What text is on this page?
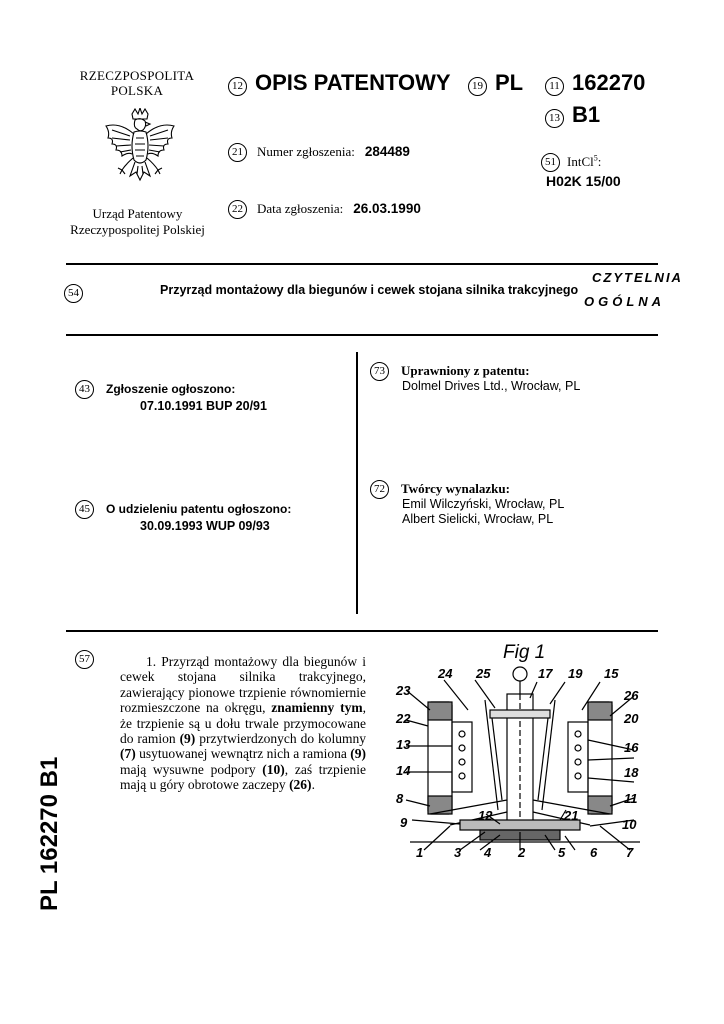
RZECZPOSPOLITA
POLSKA
Urząd Patentowy
Rzeczypospolitej Polskiej
12 OPIS PATENTOWY	19 PL	11 162270
13 B1
21 Numer zgłoszenia: 284489
51 IntCl$^5$:
H02K 15/00
22 Data zgłoszenia: 26.03.1990
54	Przyrząd montażowy dla biegunów i cewek stojana silnika trakcyjnego
CZYTELNIA
OGÓLNA
43 Zgłoszenie ogłoszono:
07.10.1991 BUP 20/91
45 O udzieleniu patentu ogłoszono:
30.09.1993 WUP 09/93
73 Uprawniony z patentu:
Dolmel Drives Ltd., Wrocław, PL
72 Twórcy wynalazku:
Emil Wilczyński, Wrocław, PL
Albert Sielicki, Wrocław, PL
57	1. Przyrząd montażowy dla biegunów i cewek stojana silnika trakcyjnego, zawierający pionowe trzpienie równomiernie rozmieszczone na okręgu, znamienny tym, że trzpienie są u dołu trwale przymocowane do ramion (9) przytwierdzonych do kolumny (7) usytuowanej wewnątrz nich a ramiona (9) mają wysuwne podpory (10), zaś trzpienie mają u góry obrotowe zaczepy (26).
PL 162270 B1
Fig 1
24 25	17 19 15
23	26
22	20
13	16
14	18
8	11
9	12	21
10
1 3 4 2	5 6 7
